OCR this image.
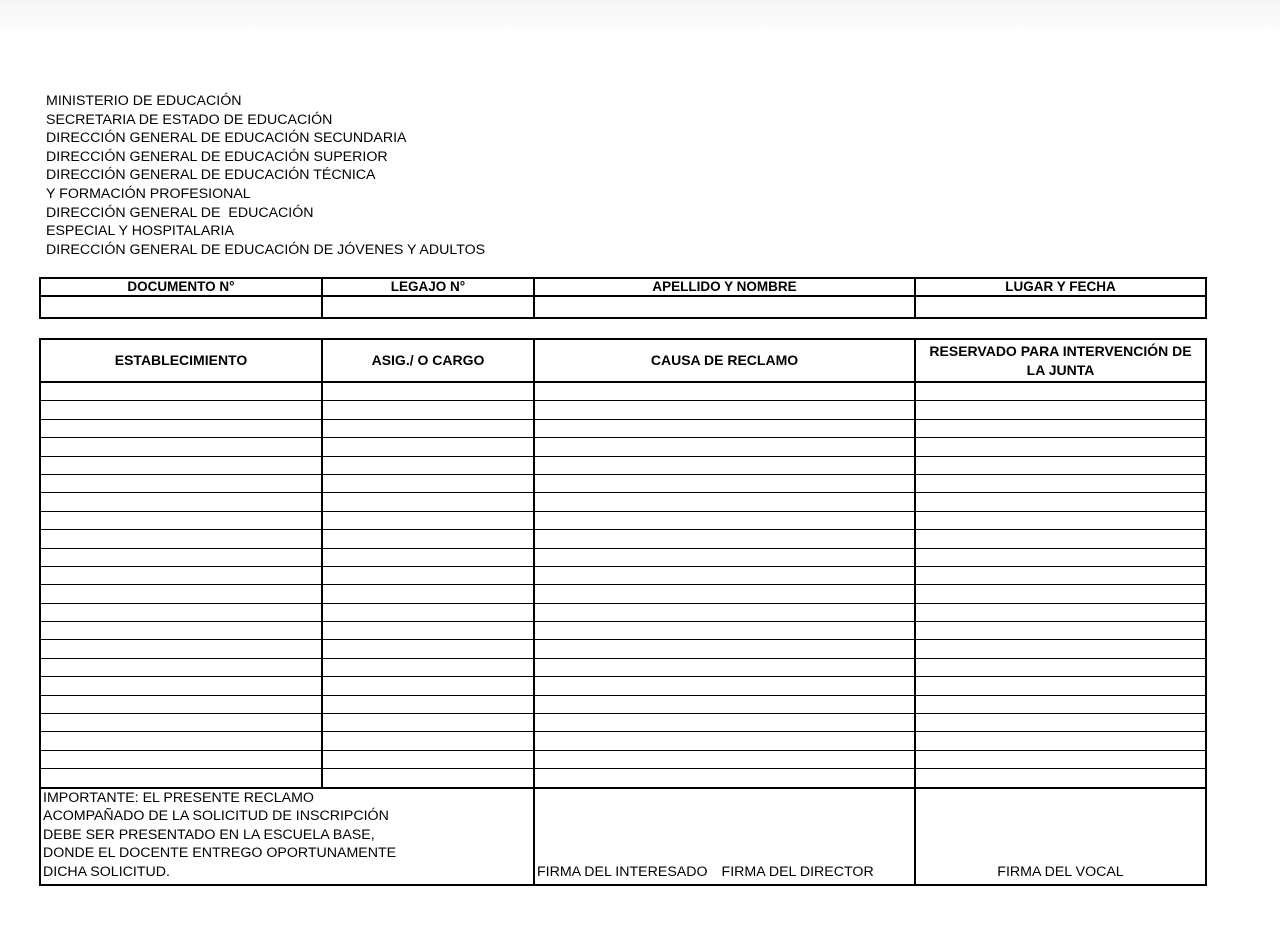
MINISTERIO DE EDUCACIÓN
SECRETARIA DE ESTADO DE EDUCACIÓN
DIRECCIÓN GENERAL DE EDUCACIÓN SECUNDARIA
DIRECCIÓN GENERAL DE EDUCACIÓN SUPERIOR
DIRECCIÓN GENERAL DE EDUCACIÓN TÉCNICA
Y FORMACIÓN PROFESIONAL
DIRECCIÓN GENERAL DE  EDUCACIÓN
ESPECIAL Y HOSPITALARIA
DIRECCIÓN GENERAL DE EDUCACIÓN DE JÓVENES Y ADULTOS
DOCUMENTO N°	LEGAJO N°	APELLIDO Y NOMBRE	LUGAR Y FECHA

ESTABLECIMIENTO	ASIG./ O CARGO	CAUSA DE RECLAMO	RESERVADO PARA INTERVENCIÓN DE LA JUNTA

IMPORTANTE: EL PRESENTE RECLAMO
ACOMPAÑADO DE LA SOLICITUD DE INSCRIPCIÓN
DEBE SER PRESENTADO EN LA ESCUELA BASE,
DONDE EL DOCENTE ENTREGO OPORTUNAMENTE
DICHA SOLICITUD.		FIRMA DEL INTERESADO FIRMA DEL DIRECTOR	FIRMA DEL VOCAL
